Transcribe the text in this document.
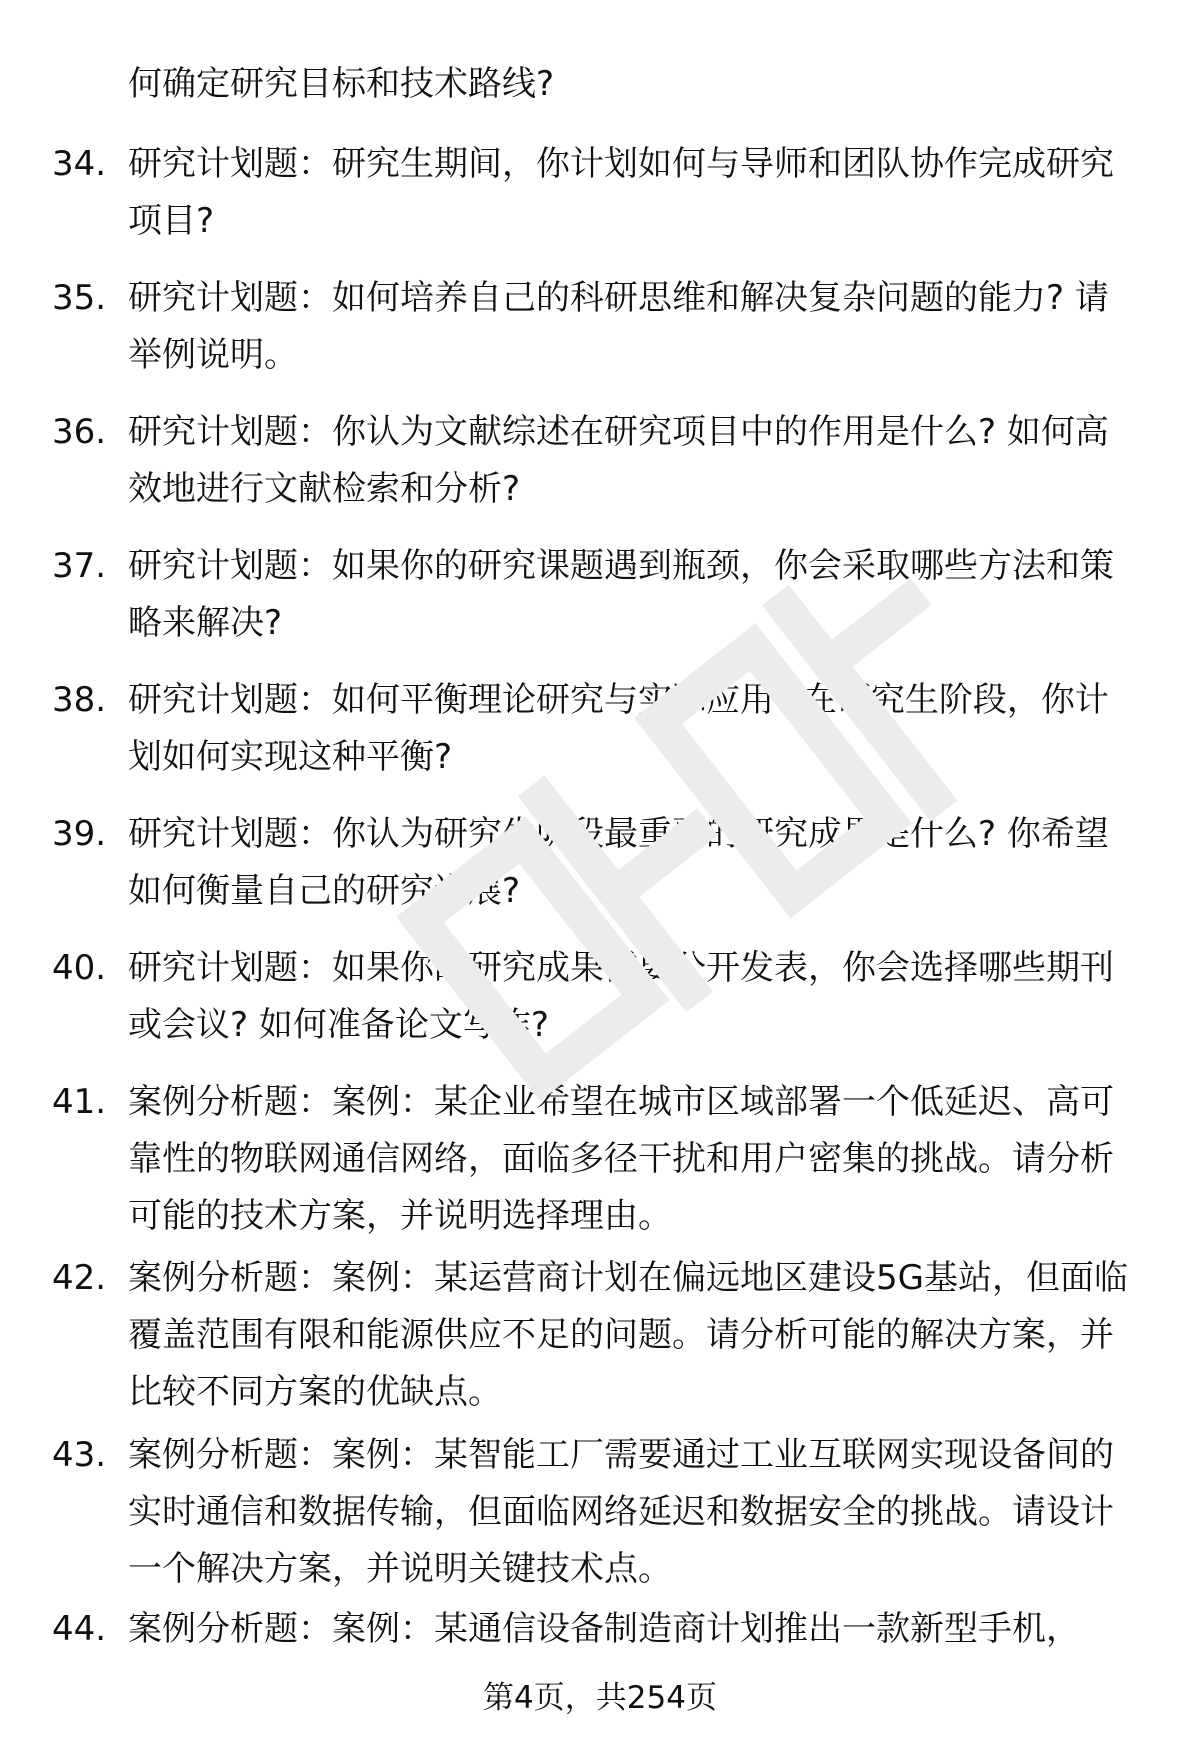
何确定研究目标和技术路线?
34. 研究计划题：研究生期间，你计划如何与导师和团队协作完成研究项目?
35. 研究计划题：如何培养自己的科研思维和解决复杂问题的能力? 请举例说明。
36. 研究计划题：你认为文献综述在研究项目中的作用是什么? 如何高效地进行文献检索和分析?
37. 研究计划题：如果你的研究课题遇到瓶颈，你会采取哪些方法和策略来解决?
38. 研究计划题：如何平衡理论研究与实际应用? 在研究生阶段，你计划如何实现这种平衡?
39. 研究计划题：你认为研究生阶段最重要的研究成果是什么? 你希望如何衡量自己的研究进展?
40. 研究计划题：如果你的研究成果需要公开发表，你会选择哪些期刊或会议? 如何准备论文写作?
41. 案例分析题：案例：某企业希望在城市区域部署一个低延迟、高可靠性的物联网通信网络，面临多径干扰和用户密集的挑战。请分析可能的技术方案，并说明选择理由。
42. 案例分析题：案例：某运营商计划在偏远地区建设5G基站，但面临覆盖范围有限和能源供应不足的问题。请分析可能的解决方案，并比较不同方案的优缺点。
43. 案例分析题：案例：某智能工厂需要通过工业互联网实现设备间的实时通信和数据传输，但面临网络延迟和数据安全的挑战。请设计一个解决方案，并说明关键技术点。
44. 案例分析题：案例：某通信设备制造商计划推出一款新型手机，
第4页，共254页
